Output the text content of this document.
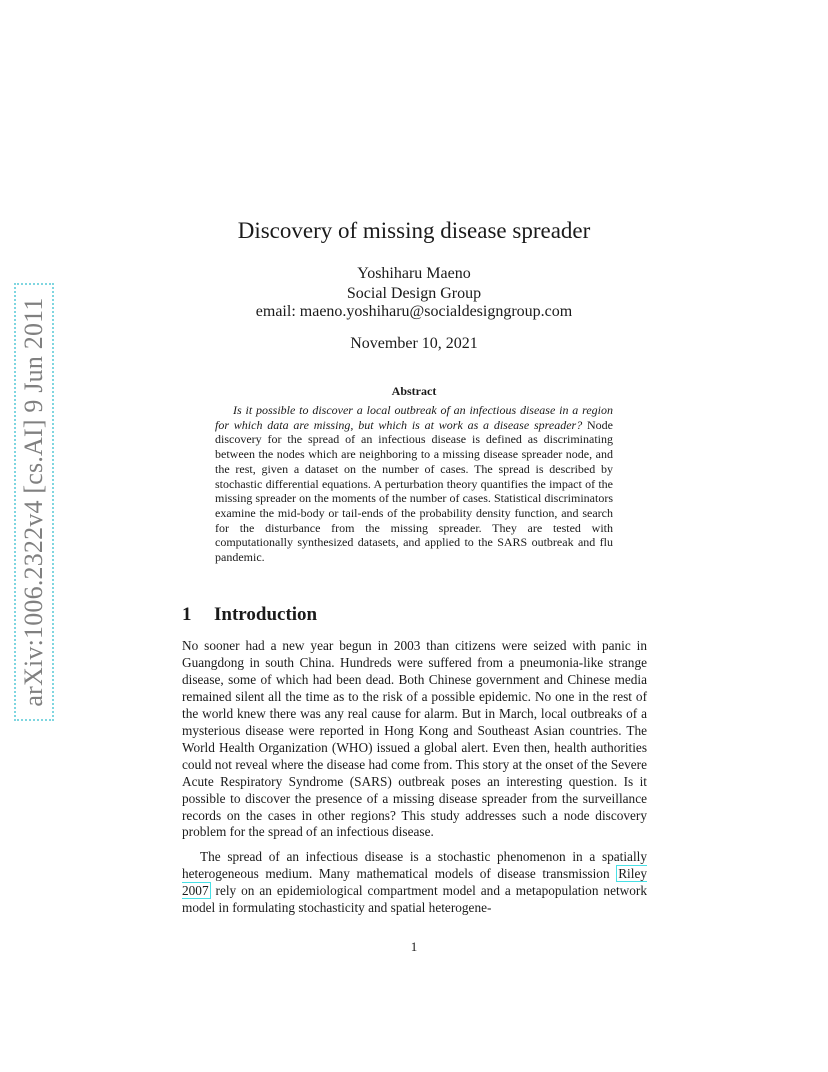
arXiv:1006.2322v4 [cs.AI] 9 Jun 2011
Discovery of missing disease spreader
Yoshiharu Maeno
Social Design Group
email: maeno.yoshiharu@socialdesigngroup.com
November 10, 2021
Abstract

Is it possible to discover a local outbreak of an infectious disease in a region for which data are missing, but which is at work as a disease spreader? Node discovery for the spread of an infectious disease is defined as discriminating between the nodes which are neighboring to a missing disease spreader node, and the rest, given a dataset on the number of cases. The spread is described by stochastic differential equations. A perturbation theory quantifies the impact of the missing spreader on the moments of the number of cases. Statistical discriminators examine the mid-body or tail-ends of the probability density function, and search for the disturbance from the missing spreader. They are tested with computationally synthesized datasets, and applied to the SARS outbreak and flu pandemic.

1 Introduction

No sooner had a new year begun in 2003 than citizens were seized with panic in Guangdong in south China. Hundreds were suffered from a pneumonia-like strange disease, some of which had been dead. Both Chinese government and Chinese media remained silent all the time as to the risk of a possible epidemic. No one in the rest of the world knew there was any real cause for alarm. But in March, local outbreaks of a mysterious disease were reported in Hong Kong and Southeast Asian countries. The World Health Organization (WHO) issued a global alert. Even then, health authorities could not reveal where the disease had come from. This story at the onset of the Severe Acute Respiratory Syndrome (SARS) outbreak poses an interesting question. Is it possible to discover the presence of a missing disease spreader from the surveillance records on the cases in other regions? This study addresses such a node discovery problem for the spread of an infectious disease.

The spread of an infectious disease is a stochastic phenomenon in a spatially heterogeneous medium. Many mathematical models of disease transmission Riley 2007 rely on an epidemiological compartment model and a metapopulation network model in formulating stochasticity and spatial heterogene-

1
